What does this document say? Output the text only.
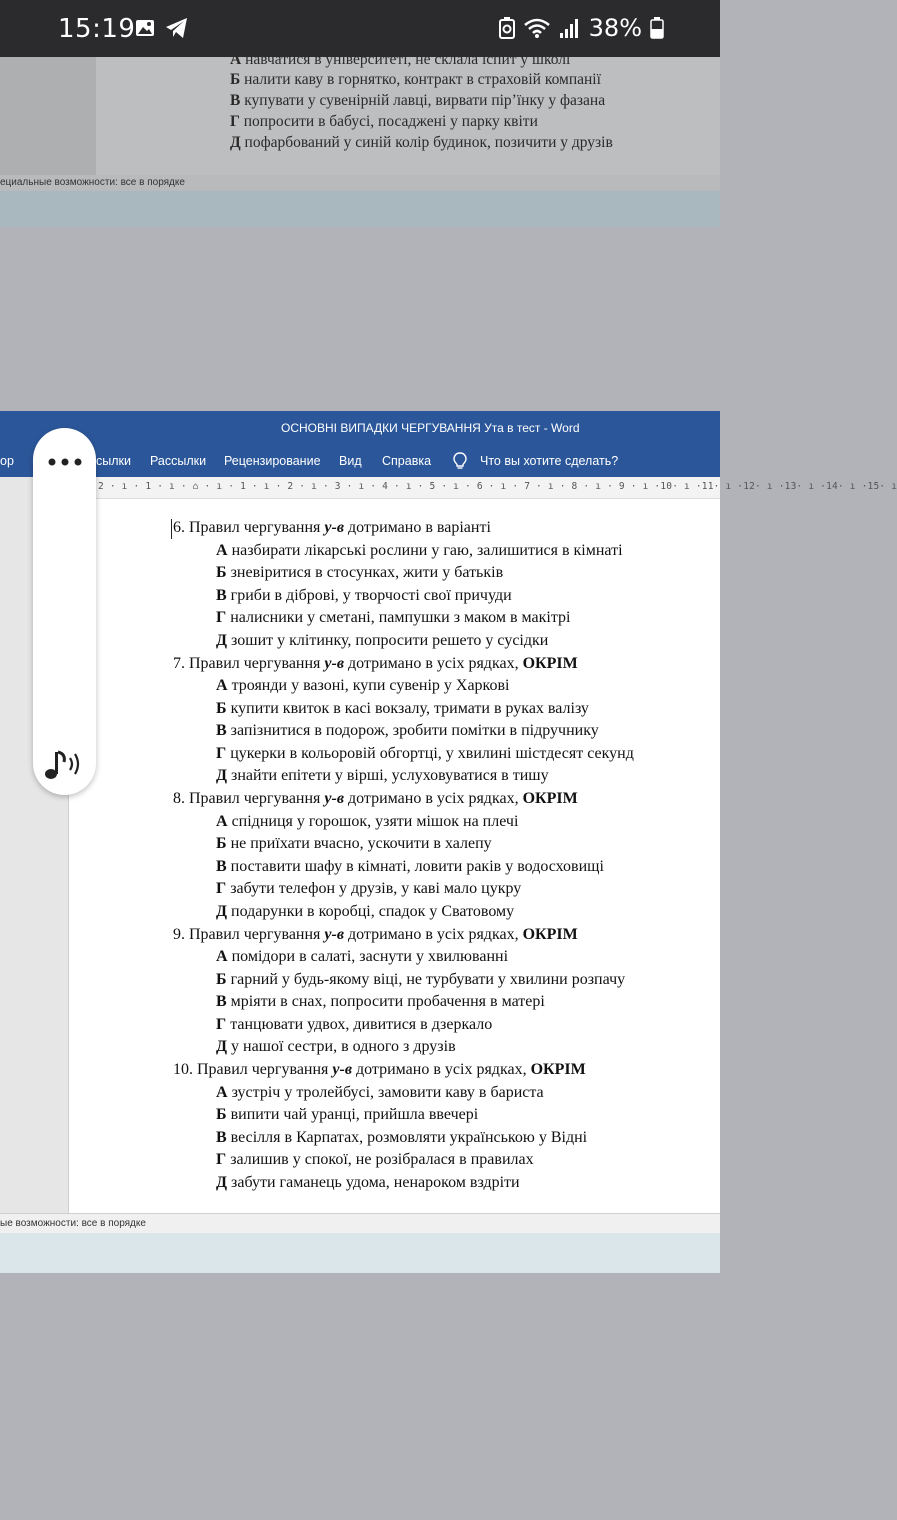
15:19	38%
А навчатися в університеті, не склала іспит у школі
Б налити каву в горнятко, контракт в страховій компанії
В купувати у сувенірній лавці, вирвати пір’їнку у фазана
Г попросити в бабусі, посаджені у парку квіти
Д пофарбований у синій колір будинок, позичити у друзів
ециальные возможности: все в порядке
ОСНОВНІ ВИПАДКИ ЧЕРГУВАННЯ Ута в тест - Word
ор	сылки Рассылки Рецензирование Вид Справка	Что вы хотите сделать?
2 · ı · 1 · ı · ⌂ · ı · 1 · ı · 2 · ı · 3 · ı · 4 · ı · 5 · ı · 6 · ı · 7 · ı · 8 · ı · 9 · ı ·10· ı ·11· ı ·12· ı ·13· ı ·14· ı ·15· ı
6. Правил чергування у-в дотримано в варіанті
А назбирати лікарські рослини у гаю, залишитися в кімнаті
Б зневіритися в стосунках, жити у батьків
В гриби в діброві, у творчості свої причуди
Г налисники у сметані, пампушки з маком в макітрі
Д зошит у клітинку, попросити решето у сусідки
7. Правил чергування у-в дотримано в усіх рядках, ОКРІМ
А троянди у вазоні, купи сувенір у Харкові
Б купити квиток в касі вокзалу, тримати в руках валізу
В запізнитися в подорож, зробити помітки в підручнику
Г цукерки в кольоровій обгортці, у хвилині шістдесят секунд
Д знайти епітети у вірші, услуховуватися в тишу
8. Правил чергування у-в дотримано в усіх рядках, ОКРІМ
А спідниця у горошок, узяти мішок на плечі
Б не приїхати вчасно, ускочити в халепу
В поставити шафу в кімнаті, ловити раків у водосховищі
Г забути телефон у друзів, у каві мало цукру
Д подарунки в коробці, спадок у Сватовому
9. Правил чергування у-в дотримано в усіх рядках, ОКРІМ
А помідори в салаті, заснути у хвилюванні
Б гарний у будь-якому віці, не турбувати у хвилини розпачу
В мріяти в снах, попросити пробачення в матері
Г танцювати удвох, дивитися в дзеркало
Д у нашої сестри, в одного з друзів
10. Правил чергування у-в дотримано в усіх рядках, ОКРІМ
А зустріч у тролейбусі, замовити каву в бариста
Б випити чай уранці, прийшла ввечері
В весілля в Карпатах, розмовляти українською у Відні
Г залишив у спокої, не розібралася в правилах
Д забути гаманець удома, ненароком вздріти
ые возможности: все в порядке
